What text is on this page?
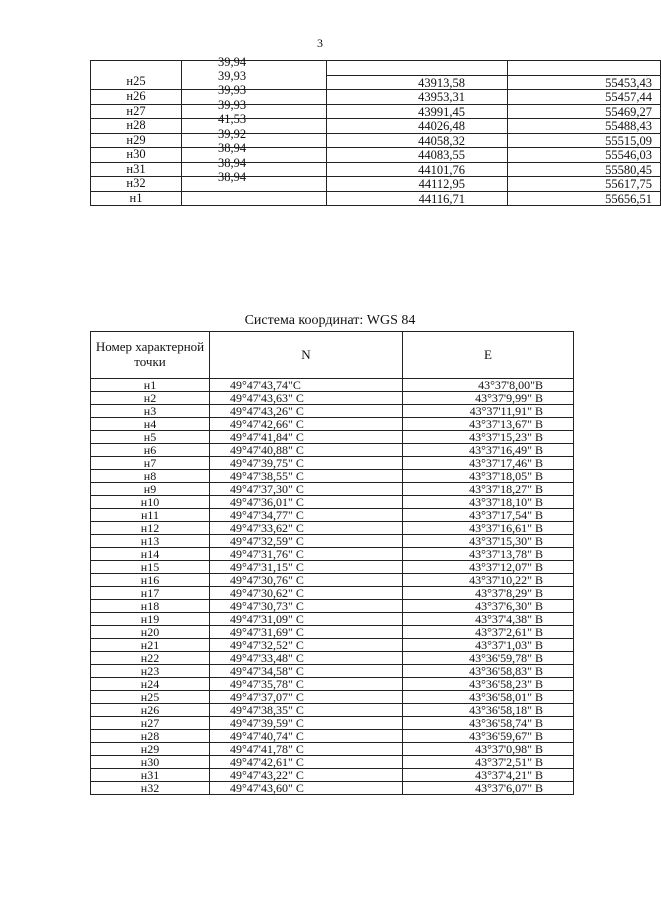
3
	39,94		
н25	39,93	43913,58	55453,43
н26	39,93	43953,31	55457,44
н27	39,93	43991,45	55469,27
н28	41,53	44026,48	55488,43
н29	39,92	44058,32	55515,09
н30	38,94	44083,55	55546,03
н31	38,94	44101,76	55580,45
н32	38,94	44112,95	55617,75
н1		44116,71	55656,51
Система координат: WGS 84
Номер характерной точки	N	E
н1	49°47'43,74"С	43°37'8,00"В
н2	49°47'43,63" С	43°37'9,99" В
н3	49°47'43,26" С	43°37'11,91" В
н4	49°47'42,66" С	43°37'13,67" В
н5	49°47'41,84" С	43°37'15,23" В
н6	49°47'40,88" С	43°37'16,49" В
н7	49°47'39,75" С	43°37'17,46" В
н8	49°47'38,55" С	43°37'18,05" В
н9	49°47'37,30" С	43°37'18,27" В
н10	49°47'36,01" С	43°37'18,10" В
н11	49°47'34,77" С	43°37'17,54" В
н12	49°47'33,62" С	43°37'16,61" В
н13	49°47'32,59" С	43°37'15,30" В
н14	49°47'31,76" С	43°37'13,78" В
н15	49°47'31,15" С	43°37'12,07" В
н16	49°47'30,76" С	43°37'10,22" В
н17	49°47'30,62" С	43°37'8,29" В
н18	49°47'30,73" С	43°37'6,30" В
н19	49°47'31,09" С	43°37'4,38" В
н20	49°47'31,69" С	43°37'2,61" В
н21	49°47'32,52" С	43°37'1,03" В
н22	49°47'33,48" С	43°36'59,78" В
н23	49°47'34,58" С	43°36'58,83" В
н24	49°47'35,78" С	43°36'58,23" В
н25	49°47'37,07" С	43°36'58,01" В
н26	49°47'38,35" С	43°36'58,18" В
н27	49°47'39,59" С	43°36'58,74" В
н28	49°47'40,74" С	43°36'59,67" В
н29	49°47'41,78" С	43°37'0,98" В
н30	49°47'42,61" С	43°37'2,51" В
н31	49°47'43,22" С	43°37'4,21" В
н32	49°47'43,60" С	43°37'6,07" В
